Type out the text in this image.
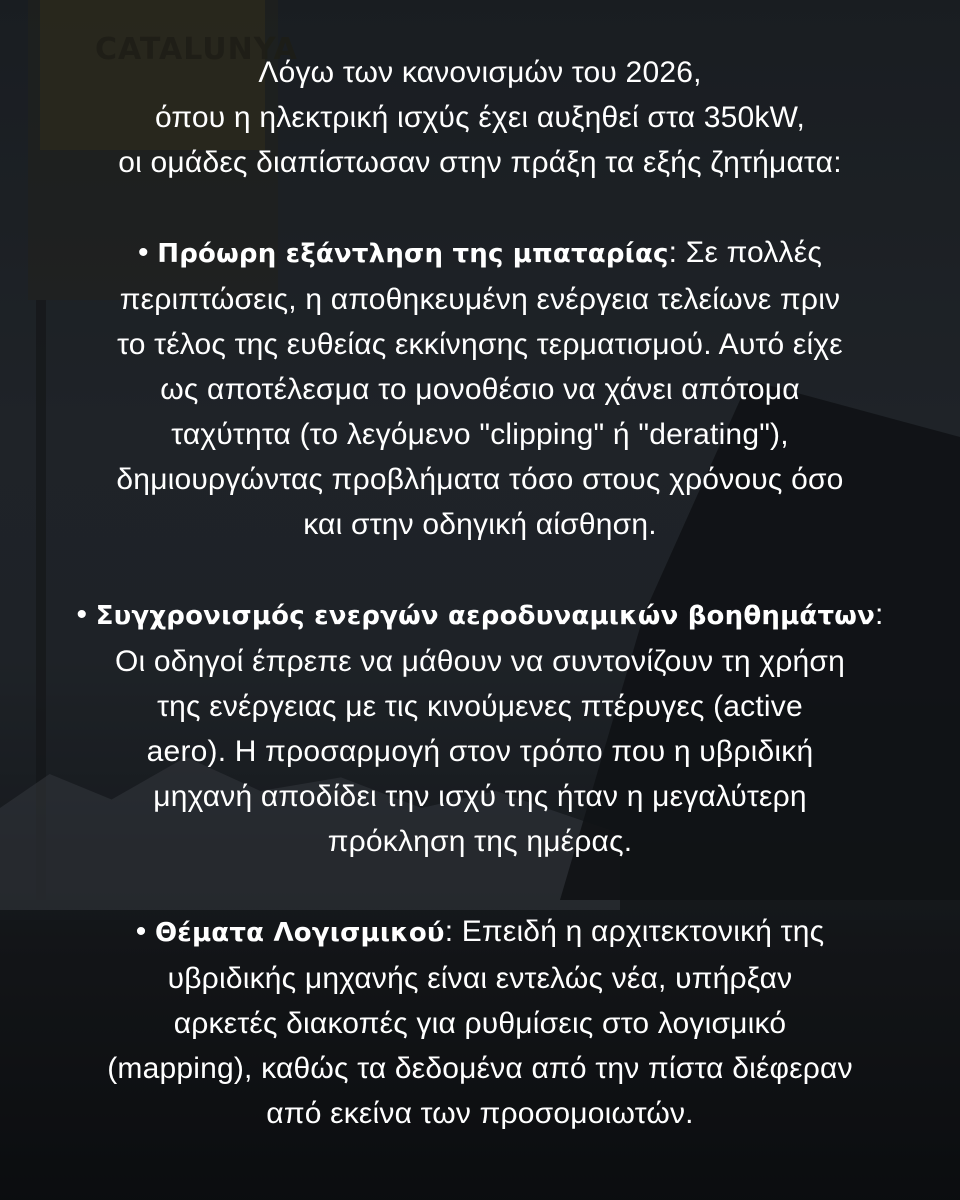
CATALUNYA

Λόγω των κανονισμών του 2026,
όπου η ηλεκτρική ισχύς έχει αυξηθεί στα 350kW,
οι ομάδες διαπίστωσαν στην πράξη τα εξής ζητήματα:

• Πρόωρη εξάντληση της μπαταρίας: Σε πολλές
περιπτώσεις, η αποθηκευμένη ενέργεια τελείωνε πριν
το τέλος της ευθείας εκκίνησης τερματισμού. Αυτό είχε
ως αποτέλεσμα το μονοθέσιο να χάνει απότομα
ταχύτητα (το λεγόμενο "clipping" ή "derating"),
δημιουργώντας προβλήματα τόσο στους χρόνους όσο
και στην οδηγική αίσθηση.

• Συγχρονισμός ενεργών αεροδυναμικών βοηθημάτων:
Οι οδηγοί έπρεπε να μάθουν να συντονίζουν τη χρήση
της ενέργειας με τις κινούμενες πτέρυγες (active
aero). Η προσαρμογή στον τρόπο που η υβριδική
μηχανή αποδίδει την ισχύ της ήταν η μεγαλύτερη
πρόκληση της ημέρας.

• Θέματα Λογισμικού: Επειδή η αρχιτεκτονική της
υβριδικής μηχανής είναι εντελώς νέα, υπήρξαν
αρκετές διακοπές για ρυθμίσεις στο λογισμικό
(mapping), καθώς τα δεδομένα από την πίστα διέφεραν
από εκείνα των προσομοιωτών.
